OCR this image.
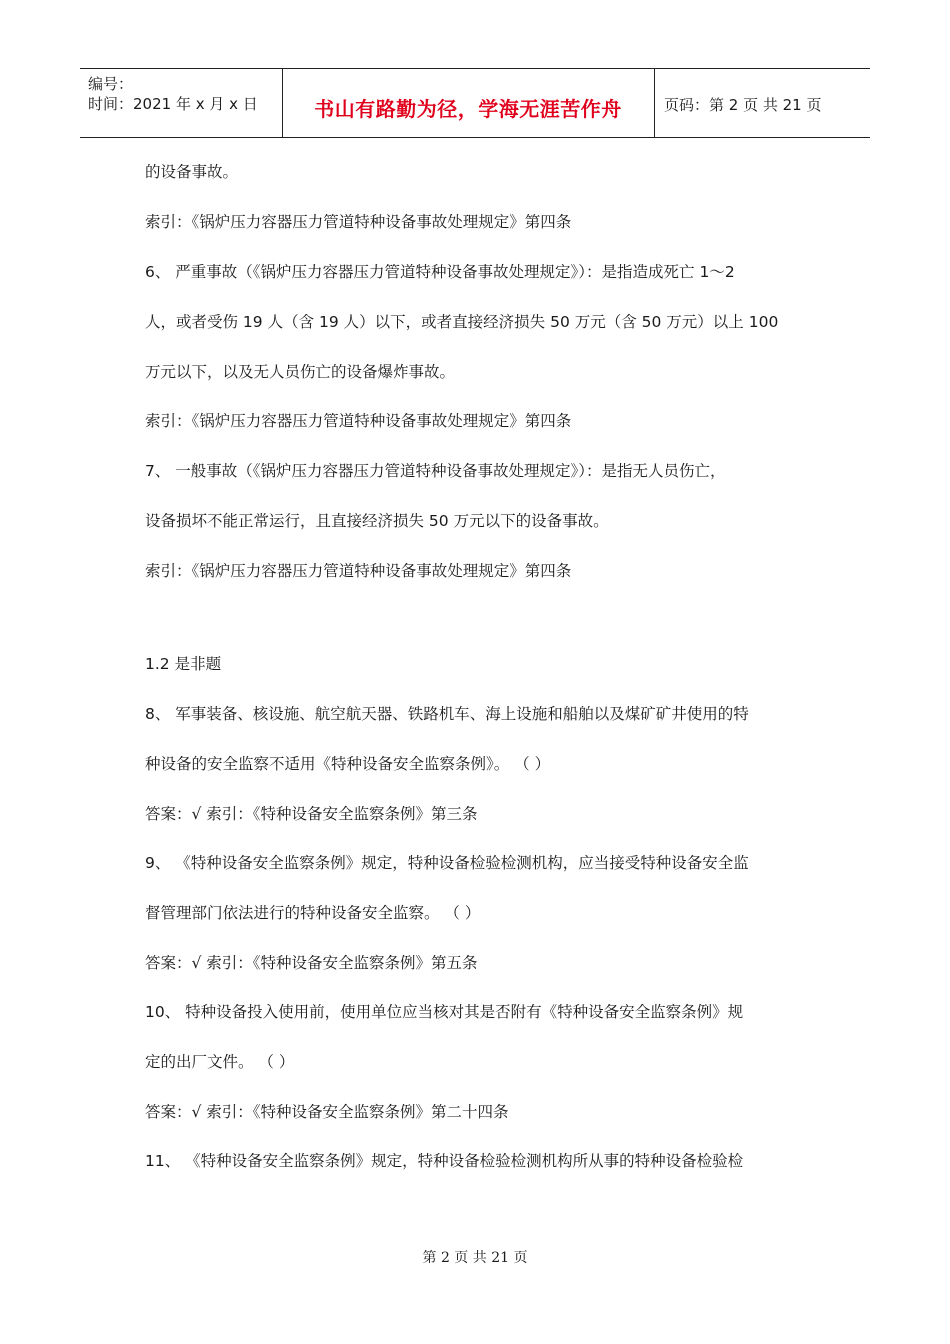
编号：
时间：2021 年 x 月 x 日	书山有路勤为径，学海无涯苦作舟	页码：第 2 页 共 21 页
的设备事故。
索引：《锅炉压力容器压力管道特种设备事故处理规定》第四条
6、 严重事故（《锅炉压力容器压力管道特种设备事故处理规定》）：是指造成死亡 1～2
人，或者受伤 19 人（含 19 人）以下，或者直接经济损失 50 万元（含 50 万元）以上 100
万元以下，以及无人员伤亡的设备爆炸事故。
索引：《锅炉压力容器压力管道特种设备事故处理规定》第四条
7、 一般事故（《锅炉压力容器压力管道特种设备事故处理规定》）：是指无人员伤亡，
设备损坏不能正常运行，且直接经济损失 50 万元以下的设备事故。
索引：《锅炉压力容器压力管道特种设备事故处理规定》第四条
1.2 是非题
8、 军事装备、核设施、航空航天器、铁路机车、海上设施和船舶以及煤矿矿井使用的特
种设备的安全监察不适用《特种设备安全监察条例》。 （ ）
答案：√ 索引：《特种设备安全监察条例》第三条
9、 《特种设备安全监察条例》规定，特种设备检验检测机构，应当接受特种设备安全监
督管理部门依法进行的特种设备安全监察。 （ ）
答案：√ 索引：《特种设备安全监察条例》第五条
10、 特种设备投入使用前，使用单位应当核对其是否附有《特种设备安全监察条例》规
定的出厂文件。 （ ）
答案：√ 索引：《特种设备安全监察条例》第二十四条
11、 《特种设备安全监察条例》规定，特种设备检验检测机构所从事的特种设备检验检
第 2 页 共 21 页
